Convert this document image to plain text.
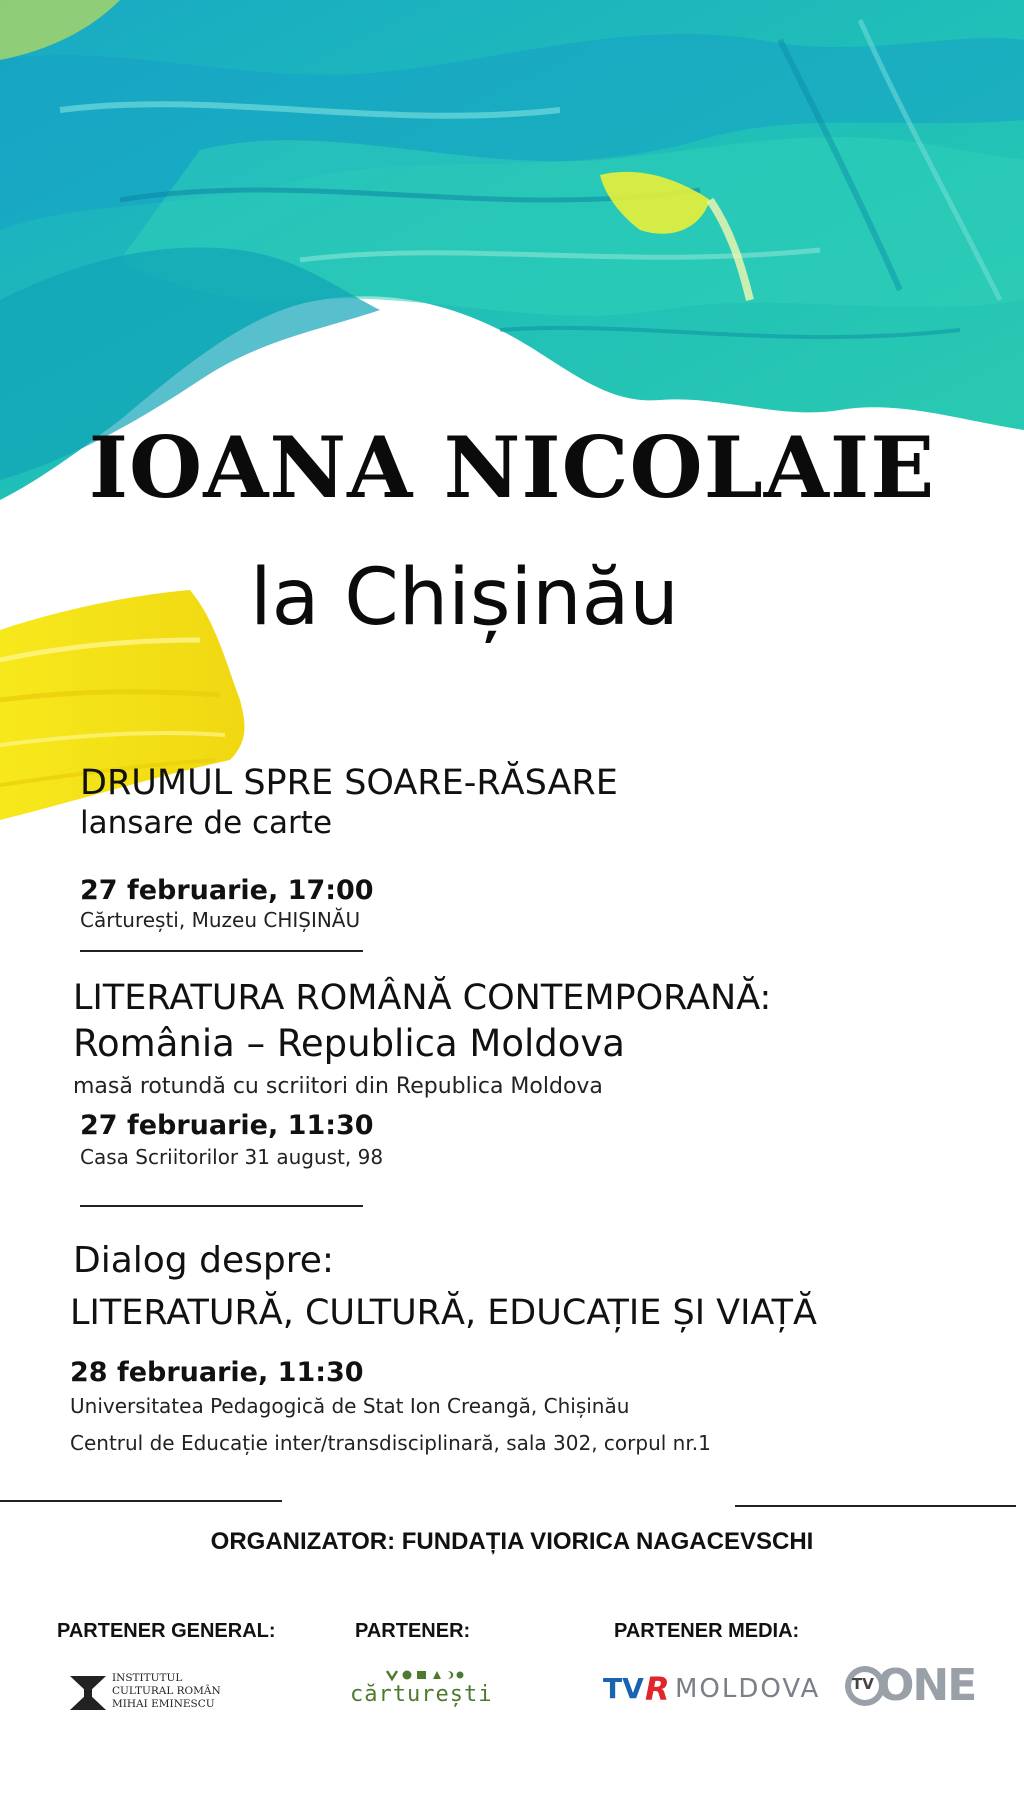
IOANA NICOLAIE
la Chișinău
DRUMUL SPRE SOARE-RĂSARE
lansare de carte
27 februarie, 17:00
Cărturești, Muzeu CHIȘINĂU
LITERATURA ROMÂNĂ CONTEMPORANĂ:
România – Republica Moldova
masă rotundă cu scriitori din Republica Moldova
27 februarie, 11:30
Casa Scriitorilor 31 august, 98
Dialog despre:
LITERATURĂ, CULTURĂ, EDUCAȚIE ȘI VIAȚĂ
28 februarie, 11:30
Universitatea Pedagogică de Stat Ion Creangă, Chișinău
Centrul de Educație inter/transdisciplinară, sala 302, corpul nr.1
ORGANIZATOR: FUNDAȚIA VIORICA NAGACEVSCHI
PARTENER GENERAL:	PARTENER:	PARTENER MEDIA:
INSTITUTUL
CULTURAL ROMÂN
MIHAI EMINESCU	cărturești	TV R MOLDOVA TV ONE
